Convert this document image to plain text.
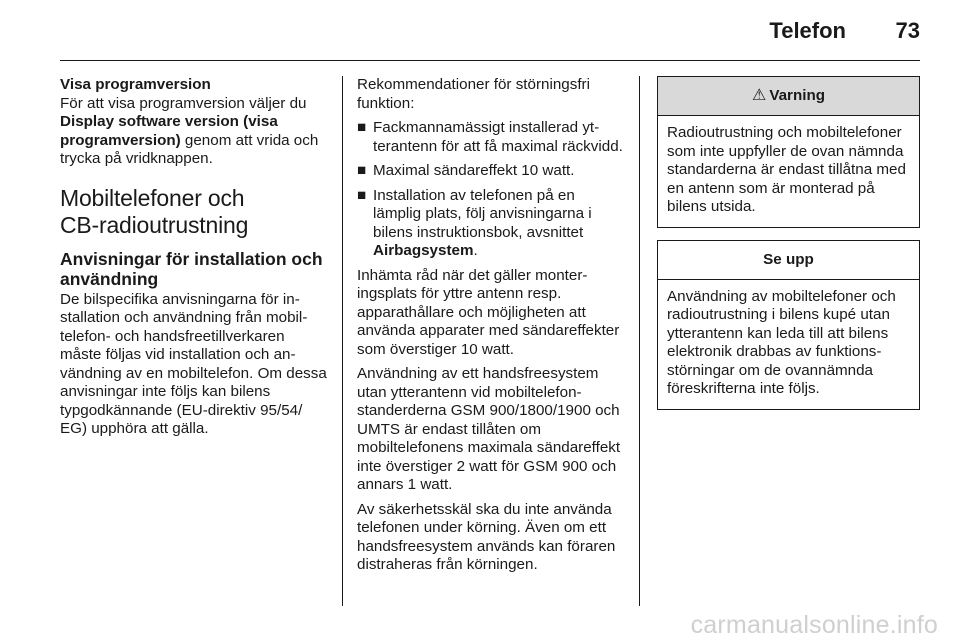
Telefon 73

Visa programversion

För att visa programversion väljer du
Display software version (visa programversion) genom att vrida och trycka på vridknappen.

Mobiltelefoner och
CB-radioutrustning
Anvisningar för installation och användning

De bilspecifika anvisningarna för installation och användning från mobiltelefon- och handsfreetillverkaren måste följas vid installation och användning av en mobiltelefon. Om dessa anvisningar inte följs kan bilens typgodkännande (EU-direktiv 95/54/ EG) upphöra att gälla.

Rekommendationer för störningsfri funktion:

■ Fackmannamässigt installerad ytterantenn för att få maximal räckvidd.
■ Maximal sändareffekt 10 watt.
■ Installation av telefonen på en lämplig plats, följ anvisningarna i bilens instruktionsbok, avsnittet Airbagsystem.

Inhämta råd när det gäller monteringsplats för yttre antenn resp. apparathållare och möjligheten att använda apparater med sändareffekter som överstiger 10 watt.

Användning av ett handsfreesystem utan ytterantenn vid mobiltelefonstanderderna GSM 900/1800/1900 och UMTS är endast tillåten om mobiltelefonens maximala sändareffekt inte överstiger 2 watt för GSM 900 och annars 1 watt.

Av säkerhetsskäl ska du inte använda telefonen under körning. Även om ett handsfreesystem används kan föraren distraheras från körningen.

⚠ Varning
Radioutrustning och mobiltelefoner som inte uppfyller de ovan nämnda standarderna är endast tillåtna med en antenn som är monterad på bilens utsida.
Se upp
Användning av mobiltelefoner och radioutrustning i bilens kupé utan ytterantenn kan leda till att bilens elektronik drabbas av funktionsstörningar om de ovannämnda föreskrifterna inte följs.
carmanualsonline.info
